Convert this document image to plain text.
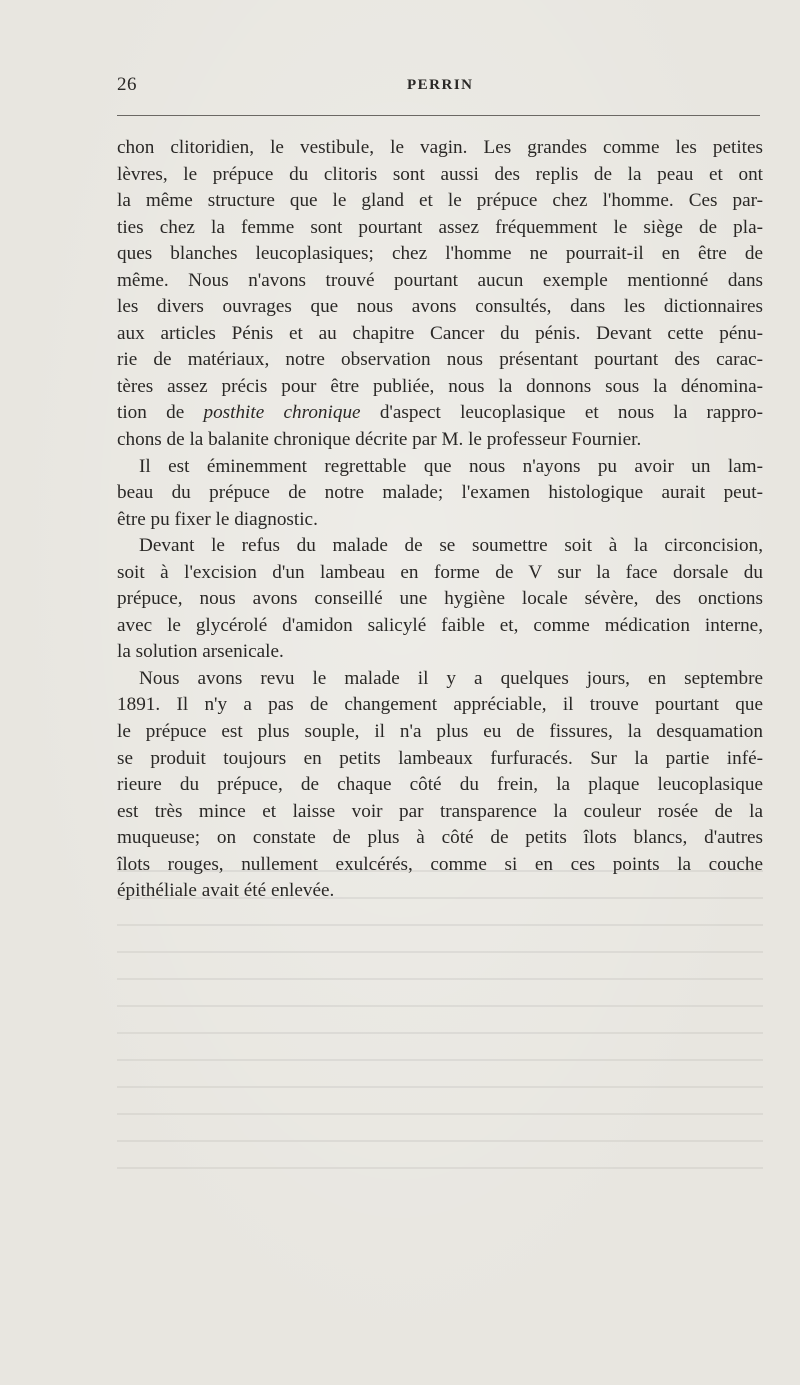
26	PERRIN
chon clitoridien, le vestibule, le vagin. Les grandes comme les petites
lèvres, le prépuce du clitoris sont aussi des replis de la peau et ont
la même structure que le gland et le prépuce chez l'homme. Ces par-
ties chez la femme sont pourtant assez fréquemment le siège de pla-
ques blanches leucoplasiques; chez l'homme ne pourrait-il en être de
même. Nous n'avons trouvé pourtant aucun exemple mentionné dans
les divers ouvrages que nous avons consultés, dans les dictionnaires
aux articles Pénis et au chapitre Cancer du pénis. Devant cette pénu-
rie de matériaux, notre observation nous présentant pourtant des carac-
tères assez précis pour être publiée, nous la donnons sous la dénomina-
tion de posthite chronique d'aspect leucoplasique et nous la rappro-
chons de la balanite chronique décrite par M. le professeur Fournier.
Il est éminemment regrettable que nous n'ayons pu avoir un lam-
beau du prépuce de notre malade; l'examen histologique aurait peut-
être pu fixer le diagnostic.
Devant le refus du malade de se soumettre soit à la circoncision,
soit à l'excision d'un lambeau en forme de V sur la face dorsale du
prépuce, nous avons conseillé une hygiène locale sévère, des onctions
avec le glycérolé d'amidon salicylé faible et, comme médication interne,
la solution arsenicale.
Nous avons revu le malade il y a quelques jours, en septembre
1891. Il n'y a pas de changement appréciable, il trouve pourtant que
le prépuce est plus souple, il n'a plus eu de fissures, la desquamation
se produit toujours en petits lambeaux furfuracés. Sur la partie infé-
rieure du prépuce, de chaque côté du frein, la plaque leucoplasique
est très mince et laisse voir par transparence la couleur rosée de la
muqueuse; on constate de plus à côté de petits îlots blancs, d'autres
îlots rouges, nullement exulcérés, comme si en ces points la couche
épithéliale avait été enlevée.
